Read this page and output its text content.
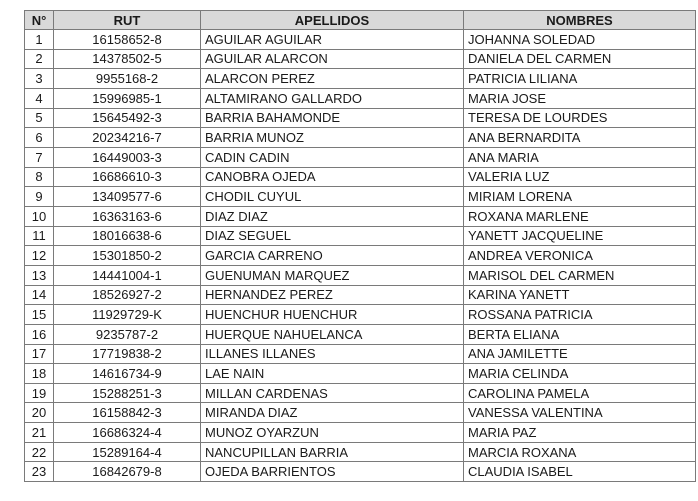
N°	RUT	APELLIDOS	NOMBRES
1	16158652-8	AGUILAR AGUILAR	JOHANNA SOLEDAD
2	14378502-5	AGUILAR ALARCON	DANIELA DEL CARMEN
3	9955168-2	ALARCON PEREZ	PATRICIA LILIANA
4	15996985-1	ALTAMIRANO GALLARDO	MARIA JOSE
5	15645492-3	BARRIA BAHAMONDE	TERESA DE LOURDES
6	20234216-7	BARRIA MUNOZ	ANA BERNARDITA
7	16449003-3	CADIN CADIN	ANA MARIA
8	16686610-3	CANOBRA OJEDA	VALERIA LUZ
9	13409577-6	CHODIL CUYUL	MIRIAM LORENA
10	16363163-6	DIAZ DIAZ	ROXANA MARLENE
11	18016638-6	DIAZ SEGUEL	YANETT JACQUELINE
12	15301850-2	GARCIA CARRENO	ANDREA VERONICA
13	14441004-1	GUENUMAN MARQUEZ	MARISOL DEL CARMEN
14	18526927-2	HERNANDEZ PEREZ	KARINA YANETT
15	11929729-K	HUENCHUR HUENCHUR	ROSSANA PATRICIA
16	9235787-2	HUERQUE NAHUELANCA	BERTA ELIANA
17	17719838-2	ILLANES ILLANES	ANA JAMILETTE
18	14616734-9	LAE NAIN	MARIA CELINDA
19	15288251-3	MILLAN CARDENAS	CAROLINA PAMELA
20	16158842-3	MIRANDA DIAZ	VANESSA VALENTINA
21	16686324-4	MUNOZ OYARZUN	MARIA PAZ
22	15289164-4	NANCUPILLAN BARRIA	MARCIA ROXANA
23	16842679-8	OJEDA BARRIENTOS	CLAUDIA ISABEL
